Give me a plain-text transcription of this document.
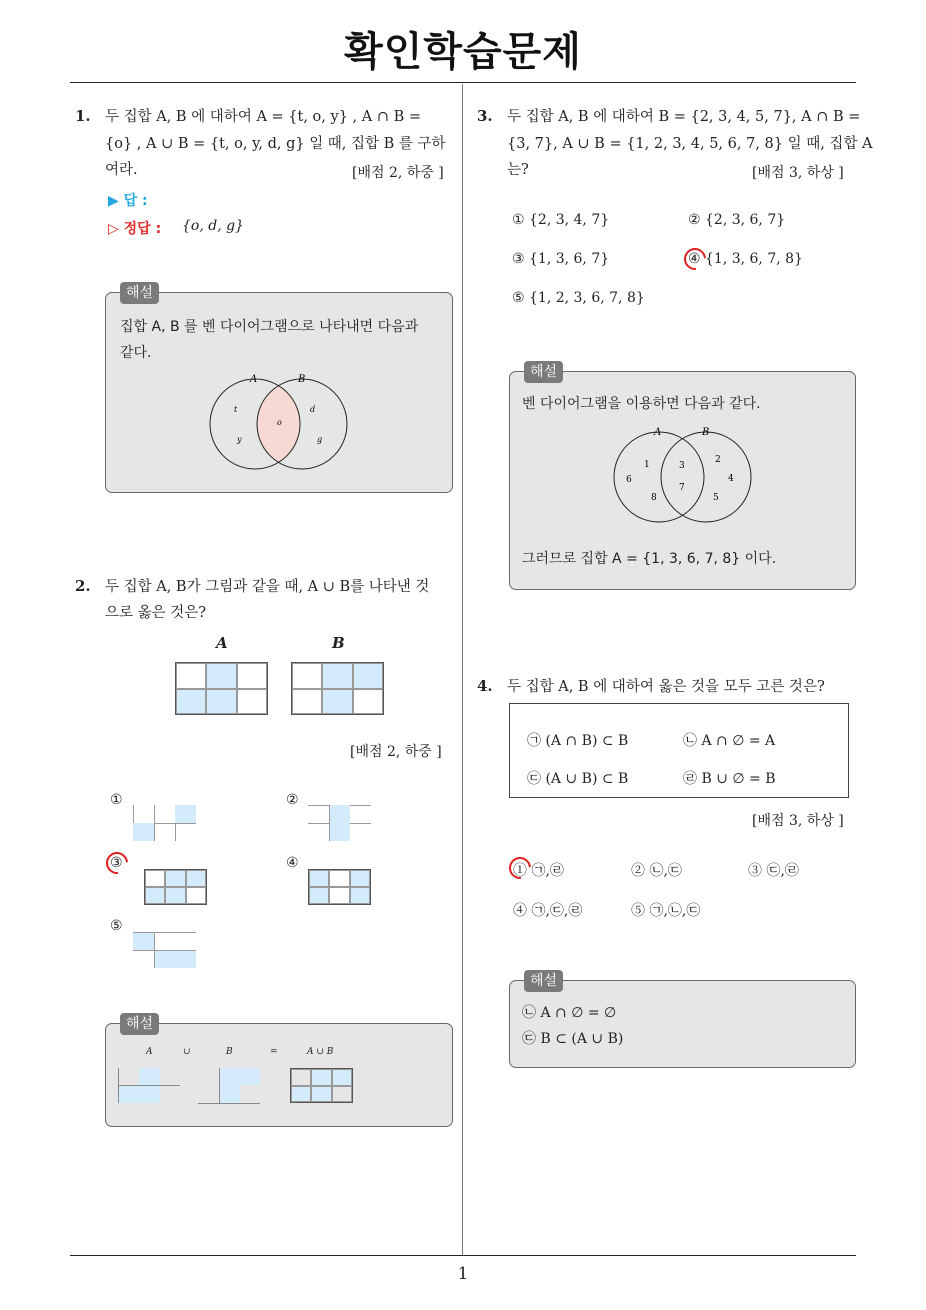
확인학습문제
1. 두 집합 A, B 에 대하여 A = {t, o, y} , A ∩ B =
{o} , A ∪ B = {t, o, y, d, g} 일 때, 집합 B 를 구하
여라.	[배점 2, 하중 ]
▶ 답 :
▷ 정답 : {o, d, g}
해설
집합 A, B 를 벤 다이어그램으로 나타내면 다음과
같다.
A	B
t
y
o
d
g
2. 두 집합 A, B가 그림과 같을 때, A ∪ B를 나타낸 것
으로 옳은 것은?
A	B
[배점 2, 하중 ]
①	②
③	④
⑤
해설
A	∪	B	=	A ∪ B
3. 두 집합 A, B 에 대하여 B = {2, 3, 4, 5, 7}, A ∩ B =
{3, 7}, A ∪ B = {1, 2, 3, 4, 5, 6, 7, 8} 일 때, 집합 A
는?	[배점 3, 하상 ]
① {2, 3, 4, 7}	② {2, 3, 6, 7}
③ {1, 3, 6, 7}	④ {1, 3, 6, 7, 8}
⑤ {1, 2, 3, 6, 7, 8}
해설
벤 다이어그램을 이용하면 다음과 같다.
A	B
1
6
8
3
7
2
4
5
그러므로 집합 A = {1, 3, 6, 7, 8} 이다.
4. 두 집합 A, B 에 대하여 옳은 것을 모두 고른 것은?
㉠ (A ∩ B) ⊂ B	㉡ A ∩ ∅ = A
㉢ (A ∪ B) ⊂ B	㉣ B ∪ ∅ = B
[배점 3, 하상 ]
① ㉠,㉣	② ㉡,㉢	③ ㉢,㉣
④ ㉠,㉢,㉣	⑤ ㉠,㉡,㉢
해설
㉡ A ∩ ∅ = ∅
㉢ B ⊂ (A ∪ B)
1
